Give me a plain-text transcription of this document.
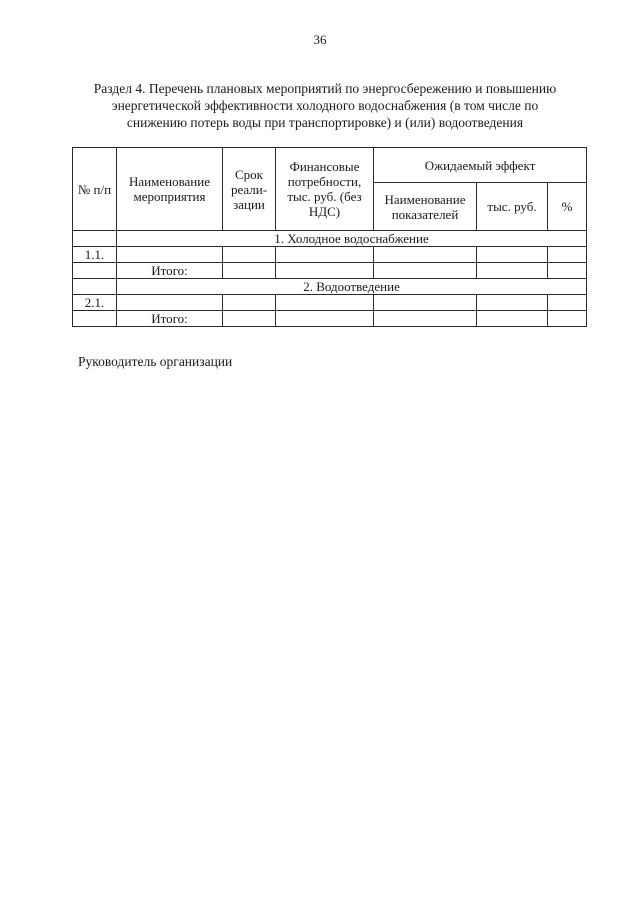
36
Раздел 4. Перечень плановых мероприятий по энергосбережению и повышению
энергетической эффективности холодного водоснабжения (в том числе по
снижению потерь воды при транспортировке) и (или) водоотведения
№ п/п	Наименование мероприятия	Срок реали-зации	Финансовые потребности, тыс. руб. (без НДС)	Ожидаемый эффект		
				Наименование показателей	тыс. руб.	%
	1. Холодное водоснабжение					
1.1.						
	Итого:					
	2. Водоотведение					
2.1.						
	Итого:					
Руководитель организации
